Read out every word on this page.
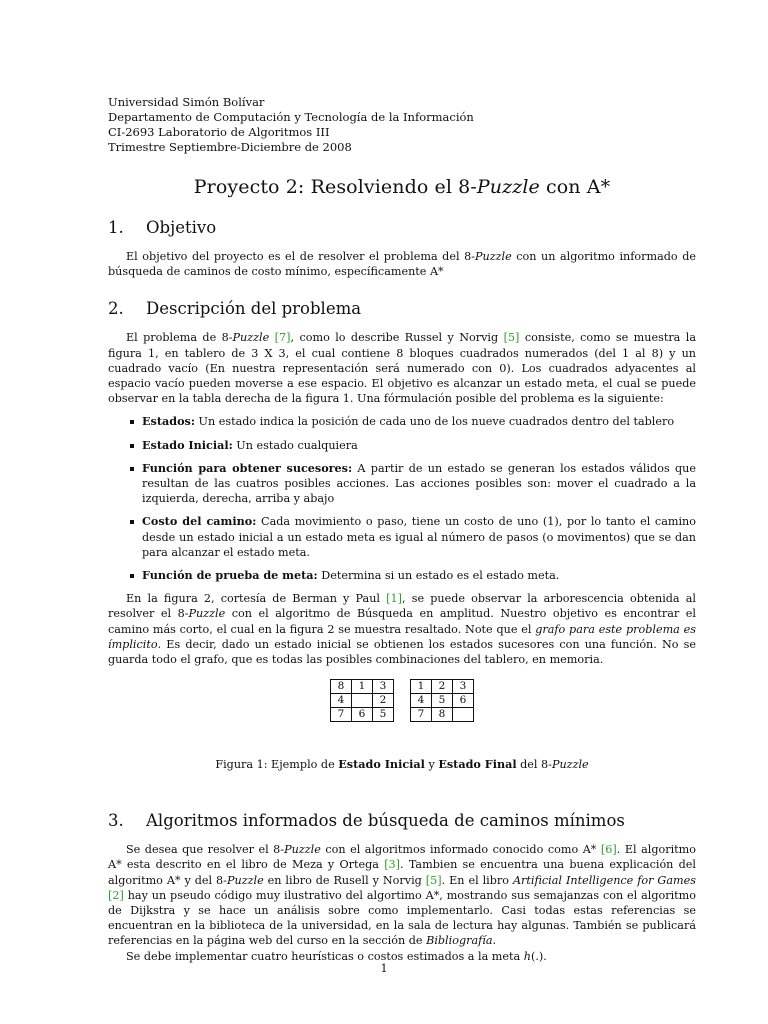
Universidad Simón Bolívar
Departamento de Computación y Tecnología de la Información
CI-2693 Laboratorio de Algoritmos III
Trimestre Septiembre-Diciembre de 2008
Proyecto 2: Resolviendo el 8-Puzzle con A*
1.	Objetivo

El objetivo del proyecto es el de resolver el problema del 8-Puzzle con un algoritmo informado de búsqueda de caminos de costo mínimo, específicamente A*

2.	Descripción del problema

El problema de 8-Puzzle [7], como lo describe Russel y Norvig [5] consiste, como se muestra la figura 1, en tablero de 3 X 3, el cual contiene 8 bloques cuadrados numerados (del 1 al 8) y un cuadrado vacío (En nuestra representación será numerado con 0). Los cuadrados adyacentes al espacio vacío pueden moverse a ese espacio. El objetivo es alcanzar un estado meta, el cual se puede observar en la tabla derecha de la figura 1. Una fórmulación posible del problema es la siguiente:

Estados: Un estado indica la posición de cada uno de los nueve cuadrados dentro del tablero
Estado Inicial: Un estado cualquiera
Función para obtener sucesores: A partir de un estado se generan los estados válidos que resultan de las cuatros posibles acciones. Las acciones posibles son: mover el cuadrado a la izquierda, derecha, arriba y abajo
Costo del camino: Cada movimiento o paso, tiene un costo de uno (1), por lo tanto el camino desde un estado inicial a un estado meta es igual al número de pasos (o movimentos) que se dan para alcanzar el estado meta.
Función de prueba de meta: Determina si un estado es el estado meta.

En la figura 2, cortesía de Berman y Paul [1], se puede observar la arborescencia obtenida al resolver el 8-Puzzle con el algoritmo de Búsqueda en amplitud. Nuestro objetivo es encontrar el camino más corto, el cual en la figura 2 se muestra resaltado. Note que el grafo para este problema es ímplicito. Es decir, dado un estado inicial se obtienen los estados sucesores con una función. No se guarda todo el grafo, que es todas las posibles combinaciones del tablero, en memoria.

8	1	3
4		2
7	6	5
1	2	3
4	5	6
7	8	
Figura 1: Ejemplo de Estado Inicial y Estado Final del 8-Puzzle
3.	Algoritmos informados de búsqueda de caminos mínimos

Se desea que resolver el 8-Puzzle con el algoritmos informado conocido como A* [6]. El algoritmo A* esta descrito en el libro de Meza y Ortega [3]. Tambien se encuentra una buena explicación del algoritmo A* y del 8-Puzzle en libro de Rusell y Norvig [5]. En el libro Artificial Intelligence for Games [2] hay un pseudo código muy ilustrativo del algortimo A*, mostrando sus semajanzas con el algoritmo de Dijkstra y se hace un análisis sobre como implementarlo. Casi todas estas referencias se encuentran en la biblioteca de la universidad, en la sala de lectura hay algunas. También se publicará referencias en la página web del curso en la sección de Bibliografía.

Se debe implementar cuatro heurísticas o costos estimados a la meta h(.).

1
